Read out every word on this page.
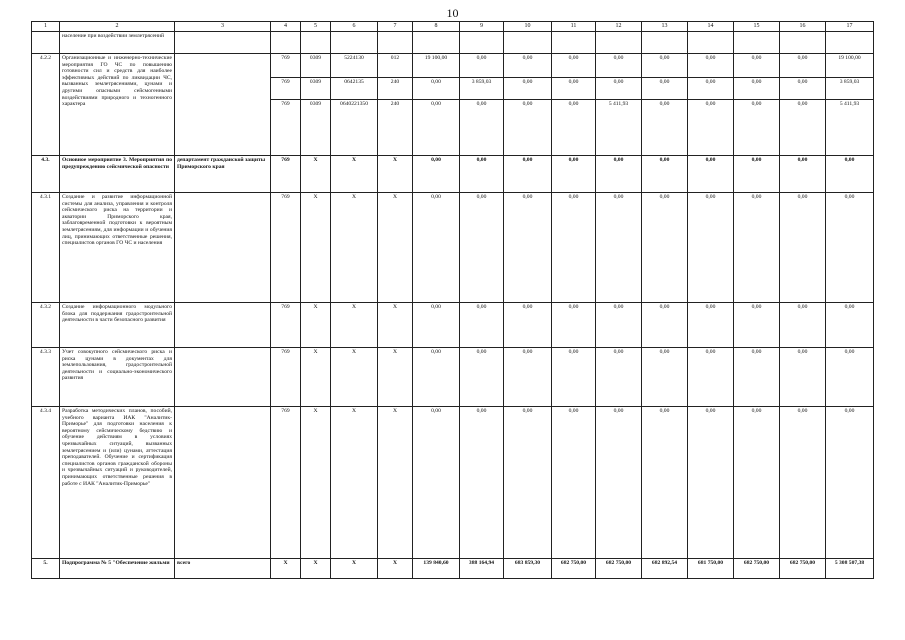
10
1	2	3	4	5	6	7	8	9	10	11	12	13	14	15	16	17
	население при воздействии землетрясений															
4.2.2	Организационные и инженерно-технические мероприятия ГО ЧС по повышению готовности сил и средств для наиболее эффективных действий по ликвидации ЧС, вызванных землетрясениями, цунами и другими опасными сейсмогенными воздействиями природного и техногенного характера		769	0309	5224130	012	19 100,00	0,00	0,00	0,00	0,00	0,00	0,00	0,00	0,00	19 100,00
			769	0309	0642135	240	0,00	3 859,03	0,00	0,00	0,00	0,00	0,00	0,00	0,00	3 859,03
			769	0309	0640221350	240	0,00	0,00	0,00	0,00	5 411,93	0,00	0,00	0,00	0,00	5 411,93
4.3.	Основное мероприятие 3. Мероприятия по предупреждению сейсмической опасности	департамент гражданской защиты Приморского края	769	X	X	X	0,00	0,00	0,00	0,00	0,00	0,00	0,00	0,00	0,00	0,00
4.3.1	Создание и развитие информационной системы для анализа, управления и контроля сейсмического риска на территории и акватории Приморского края, заблаговременной подготовки к вероятным землетрясениям, для информации и обучения лиц, принимающих ответственные решения, специалистов органов ГО ЧС и населения		769	X	X	X	0,00	0,00	0,00	0,00	0,00	0,00	0,00	0,00	0,00	0,00
4.3.2	Создание информационного модульного блока для поддержания градостроительной деятельности в части безопасного развития		769	X	X	X	0,00	0,00	0,00	0,00	0,00	0,00	0,00	0,00	0,00	0,00
4.3.3	Учет совокупного сейсмического риска и риска цунами в документах для землепользования, градостроительной деятельности и социально-экономического развития		769	X	X	X	0,00	0,00	0,00	0,00	0,00	0,00	0,00	0,00	0,00	0,00
4.3.4	Разработка методических планов, пособий, учебного варианта ИАК "Аналитик-Приморье" для подготовки населения к вероятному сейсмическому бедствию и обучение действиям в условиях чрезвычайных ситуаций, вызванных землетрясением и (или) цунами, аттестация преподавателей. Обучение и сертификация специалистов органов гражданской обороны и чрезвычайных ситуаций и руководителей, принимающих ответственные решения в работе с ИАК "Аналитик-Приморье"		769	X	X	X	0,00	0,00	0,00	0,00	0,00	0,00	0,00	0,00	0,00	0,00
5.	Подпрограмма № 5 "Обеспечение жильми	всего	X	X	X	X	139 840,60	388 164,94	683 859,30	682 750,00	682 750,00	682 892,54	681 750,00	682 750,00	682 750,00	5 308 507,38
